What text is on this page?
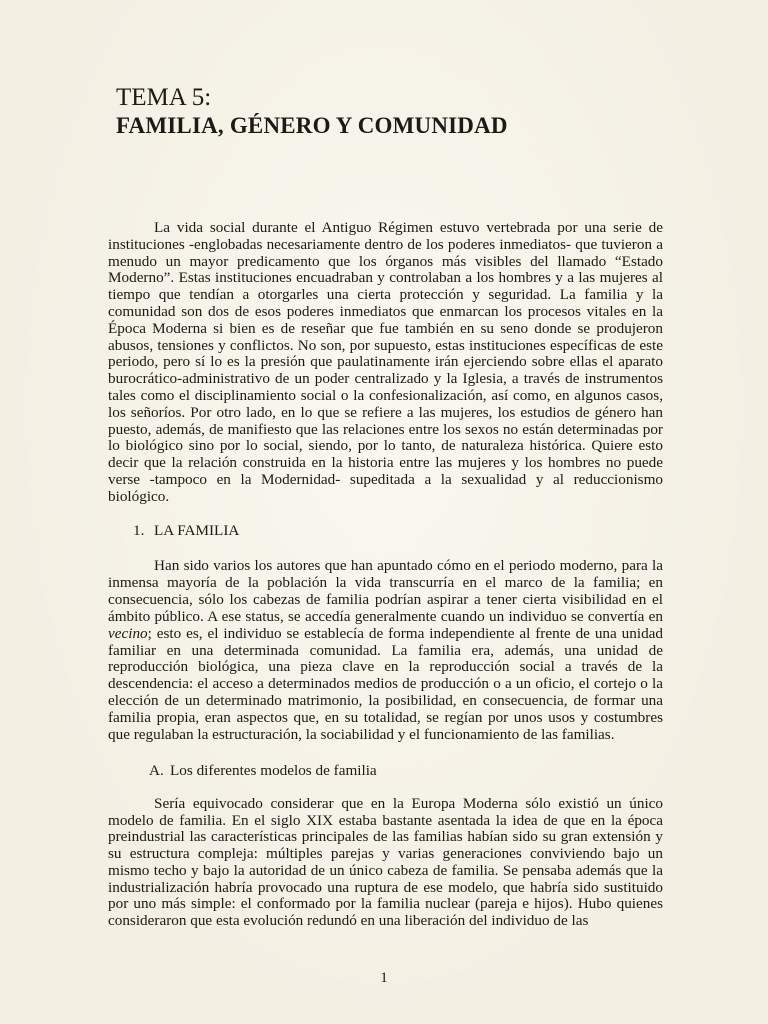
TEMA 5:

FAMILIA, GÉNERO Y COMUNIDAD

La vida social durante el Antiguo Régimen estuvo vertebrada por una serie de instituciones -englobadas necesariamente dentro de los poderes inmediatos- que tuvieron a menudo un mayor predicamento que los órganos más visibles del llamado “Estado Moderno”. Estas instituciones encuadraban y controlaban a los hombres y a las mujeres al tiempo que tendían a otorgarles una cierta protección y seguridad. La familia y la comunidad son dos de esos poderes inmediatos que enmarcan los procesos vitales en la Época Moderna si bien es de reseñar que fue también en su seno donde se produjeron abusos, tensiones y conflictos. No son, por supuesto, estas instituciones específicas de este periodo, pero sí lo es la presión que paulatinamente irán ejerciendo sobre ellas el aparato burocrático-administrativo de un poder centralizado y la Iglesia, a través de instrumentos tales como el disciplinamiento social o la confesionalización, así como, en algunos casos, los señoríos. Por otro lado, en lo que se refiere a las mujeres, los estudios de género han puesto, además, de manifiesto que las relaciones entre los sexos no están determinadas por lo biológico sino por lo social, siendo, por lo tanto, de naturaleza histórica. Quiere esto decir que la relación construida en la historia entre las mujeres y los hombres no puede verse -tampoco en la Modernidad- supeditada a la sexualidad y al reduccionismo biológico.

1. LA FAMILIA

Han sido varios los autores que han apuntado cómo en el periodo moderno, para la inmensa mayoría de la población la vida transcurría en el marco de la familia; en consecuencia, sólo los cabezas de familia podrían aspirar a tener cierta visibilidad en el ámbito público. A ese status, se accedía generalmente cuando un individuo se convertía en vecino; esto es, el individuo se establecía de forma independiente al frente de una unidad familiar en una determinada comunidad. La familia era, además, una unidad de reproducción biológica, una pieza clave en la reproducción social a través de la descendencia: el acceso a determinados medios de producción o a un oficio, el cortejo o la elección de un determinado matrimonio, la posibilidad, en consecuencia, de formar una familia propia, eran aspectos que, en su totalidad, se regían por unos usos y costumbres que regulaban la estructuración, la sociabilidad y el funcionamiento de las familias.

A. Los diferentes modelos de familia

Sería equivocado considerar que en la Europa Moderna sólo existió un único modelo de familia. En el siglo XIX estaba bastante asentada la idea de que en la época preindustrial las características principales de las familias habían sido su gran extensión y su estructura compleja: múltiples parejas y varias generaciones conviviendo bajo un mismo techo y bajo la autoridad de un único cabeza de familia. Se pensaba además que la industrialización habría provocado una ruptura de ese modelo, que habría sido sustituido por uno más simple: el conformado por la familia nuclear (pareja e hijos). Hubo quienes consideraron que esta evolución redundó en una liberación del individuo de las

1
